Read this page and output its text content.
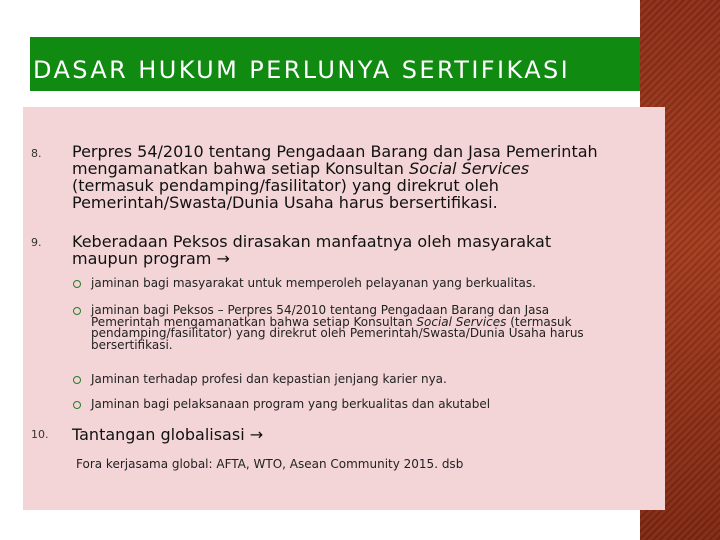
DASAR HUKUM PERLUNYA SERTIFIKASI
8. Perpres 54/2010 tentang Pengadaan Barang dan Jasa Pemerintah
mengamanatkan bahwa setiap Konsultan Social Services
(termasuk pendamping/fasilitator) yang direkrut oleh
Pemerintah/Swasta/Dunia Usaha harus bersertifikasi.
9. Keberadaan Peksos dirasakan manfaatnya oleh masyarakat
maupun program →
jaminan bagi masyarakat untuk memperoleh pelayanan yang berkualitas.
jaminan bagi Peksos – Perpres 54/2010 tentang Pengadaan Barang dan Jasa
Pemerintah mengamanatkan bahwa setiap Konsultan Social Services (termasuk
pendamping/fasilitator) yang direkrut oleh Pemerintah/Swasta/Dunia Usaha harus
bersertifikasi.
Jaminan terhadap profesi dan kepastian jenjang karier nya.
Jaminan bagi pelaksanaan program yang berkualitas dan akutabel
10. Tantangan globalisasi →
Fora kerjasama global: AFTA, WTO, Asean Community 2015. dsb
